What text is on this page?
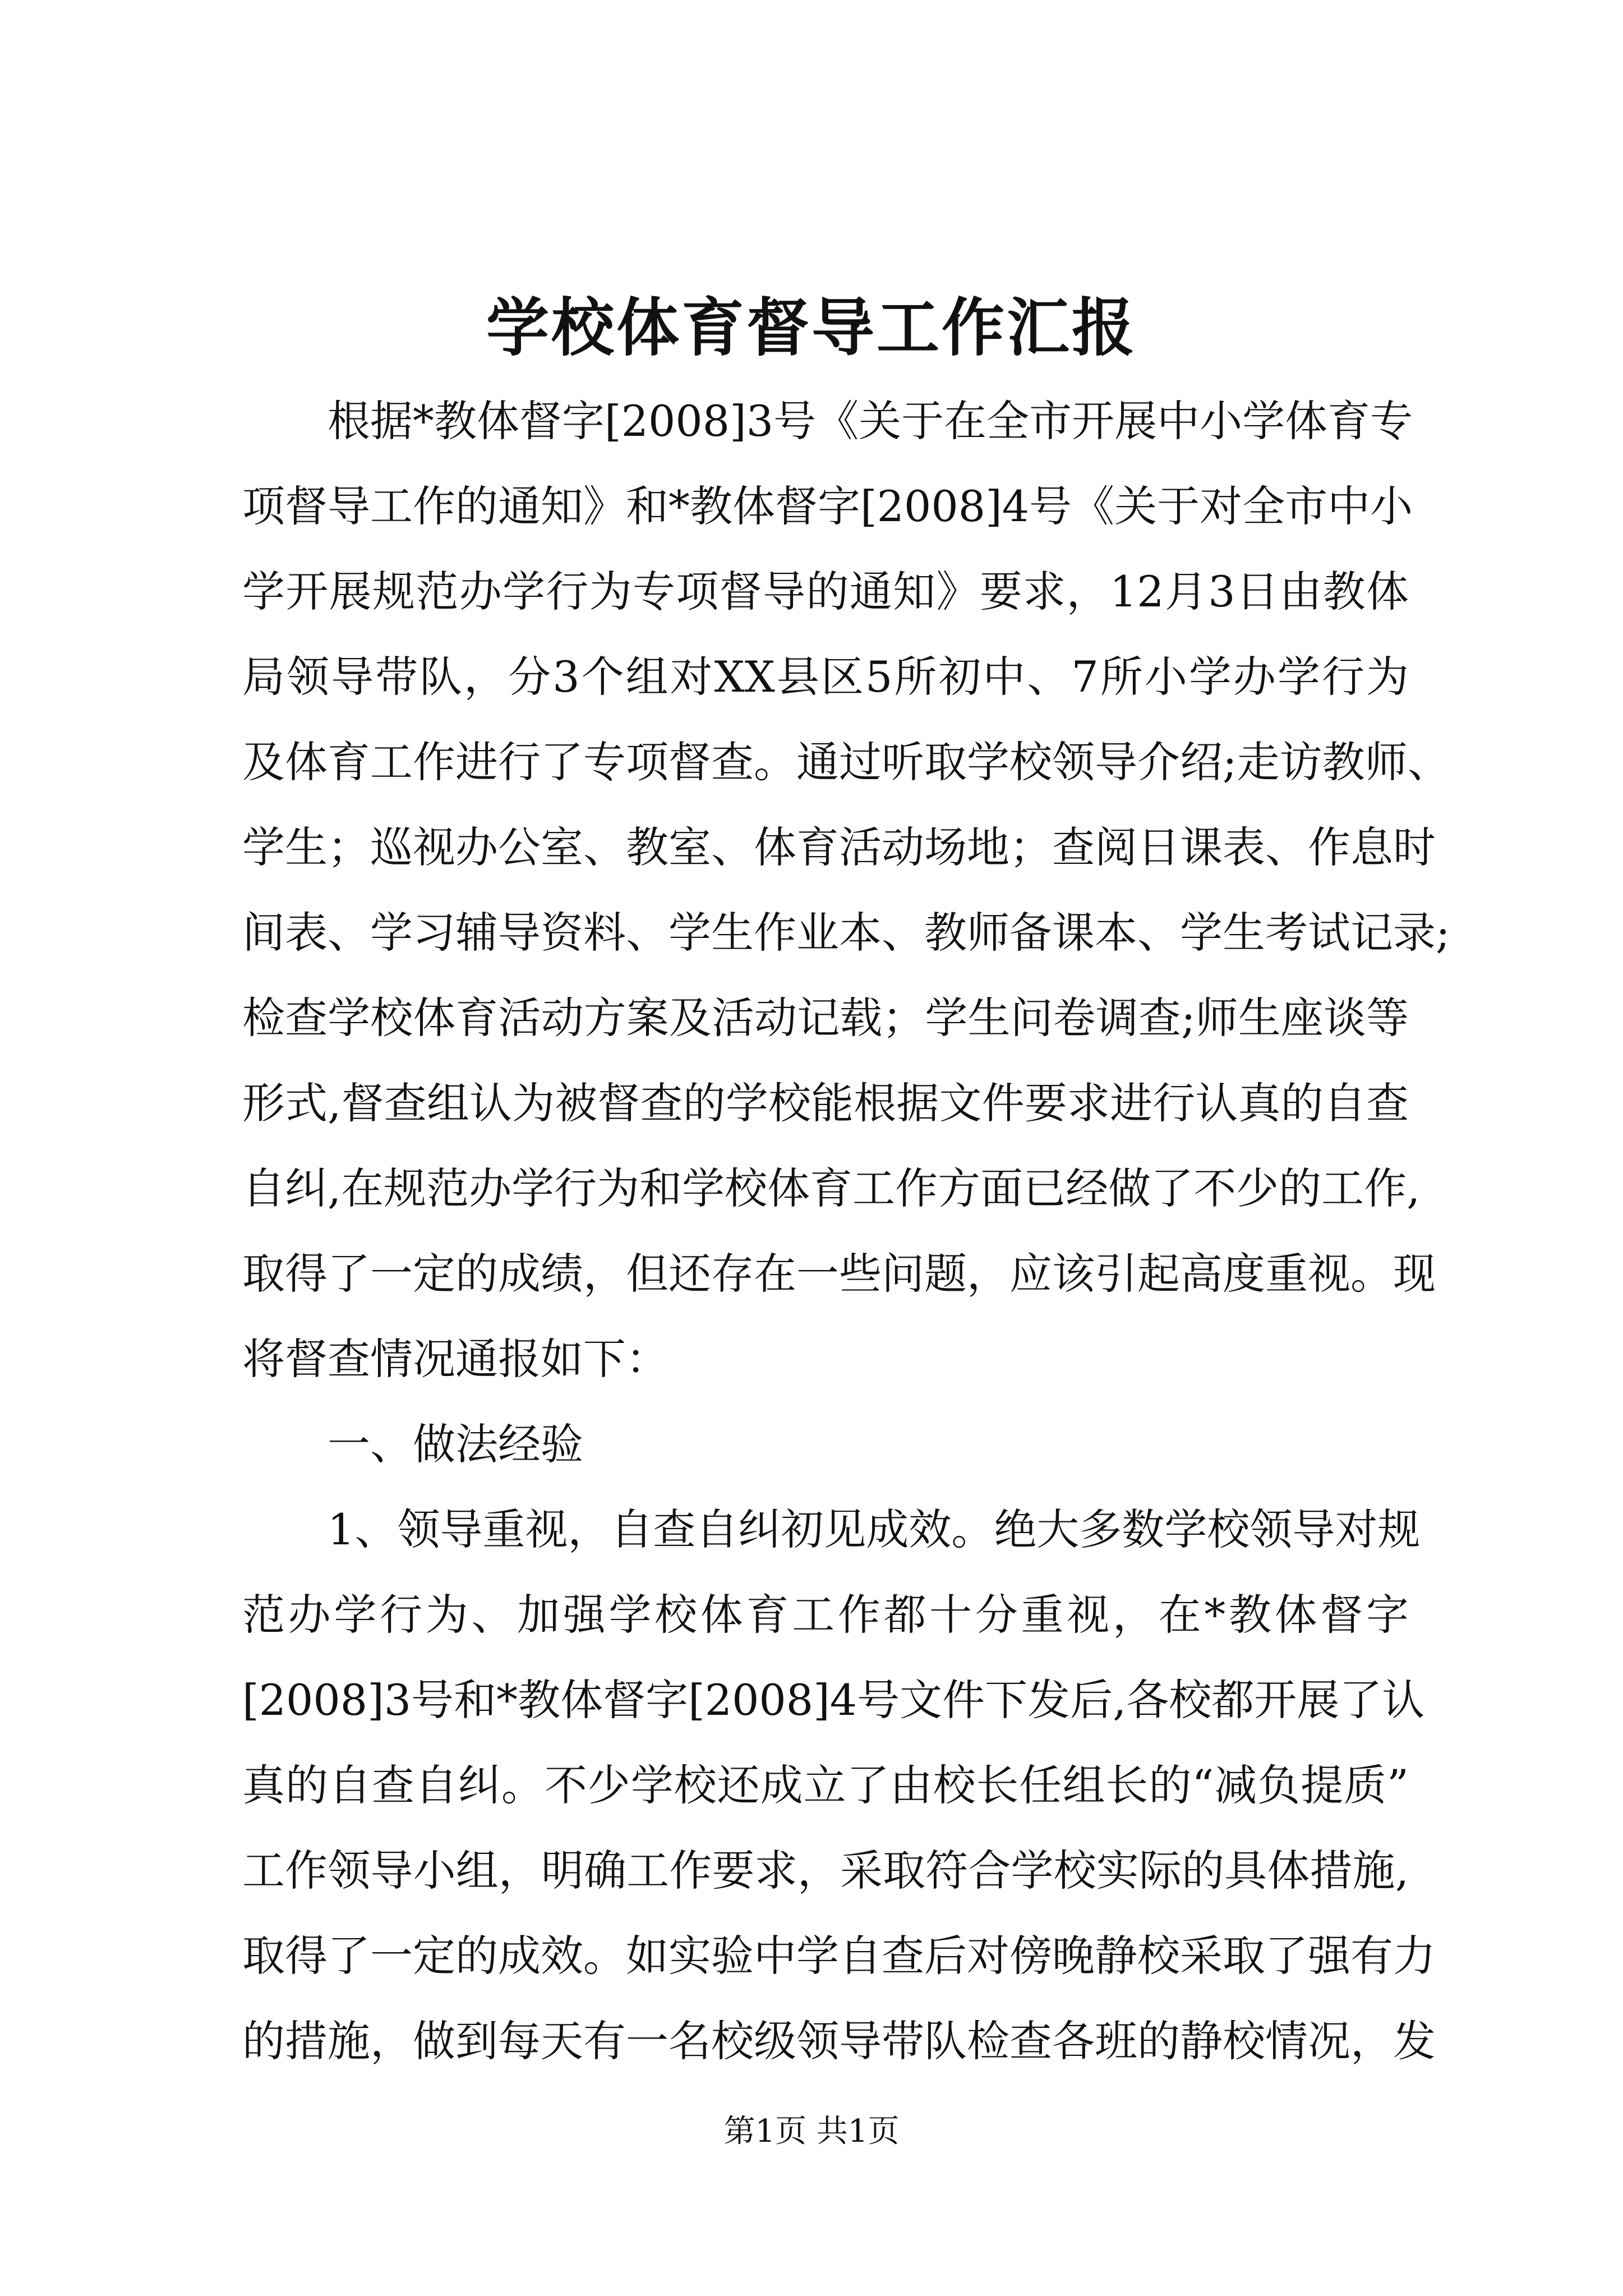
学校体育督导工作汇报
根据*教体督字[2008]3号《关于在全市开展中小学体育专
项督导工作的通知》和*教体督字[2008]4号《关于对全市中小
学开展规范办学行为专项督导的通知》要求，12月3日由教体
局领导带队，分3个组对XX县区5所初中、7所小学办学行为
及体育工作进行了专项督查。通过听取学校领导介绍;走访教师、
学生；巡视办公室、教室、体育活动场地；查阅日课表、作息时
间表、学习辅导资料、学生作业本、教师备课本、学生考试记录;
检查学校体育活动方案及活动记载；学生问卷调查;师生座谈等
形式,督查组认为被督查的学校能根据文件要求进行认真的自查
自纠,在规范办学行为和学校体育工作方面已经做了不少的工作,
取得了一定的成绩，但还存在一些问题，应该引起高度重视。现
将督查情况通报如下：
一、做法经验
1、领导重视，自查自纠初见成效。绝大多数学校领导对规
范办学行为、加强学校体育工作都十分重视，在*教体督字
[2008]3号和*教体督字[2008]4号文件下发后,各校都开展了认
真的自查自纠。不少学校还成立了由校长任组长的“减负提质”
工作领导小组，明确工作要求，采取符合学校实际的具体措施,
取得了一定的成效。如实验中学自查后对傍晚静校采取了强有力
的措施，做到每天有一名校级领导带队检查各班的静校情况，发
第1页 共1页
